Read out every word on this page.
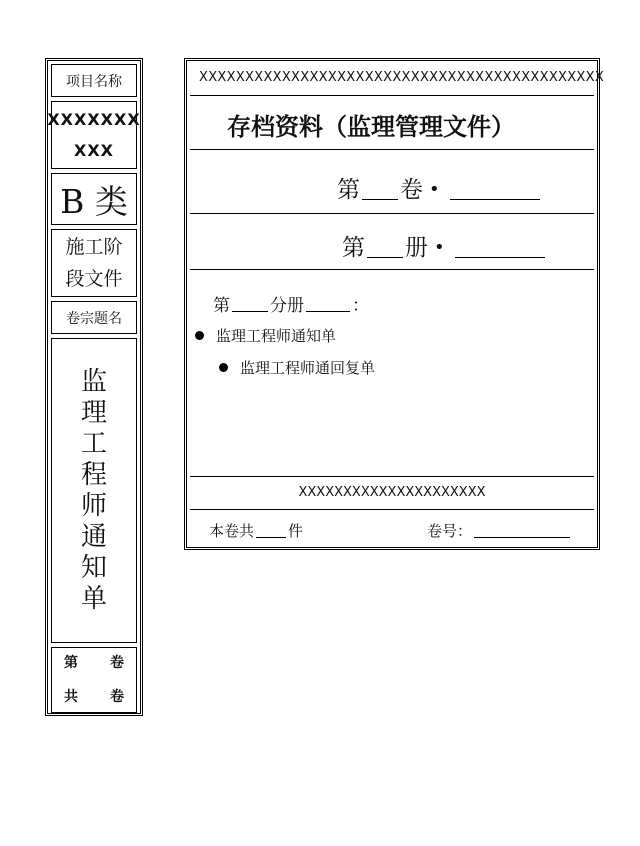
项目名称
XXXXXXX
XXX
B 类
施工阶
段文件
卷宗题名
监
理
工
程
师
通
知
单
第 卷
共 卷
XXXXXXXXXXXXXXXXXXXXXXXXXXXXXXXXXXXXXXXXXXXX
存档资料（监理管理文件）
第 卷 •
第 册 •
第 分册	：
监理工程师通知单
监理工程师通回复单
XXXXXXXXXXXXXXXXXXXXX
本卷共 件	卷号：
